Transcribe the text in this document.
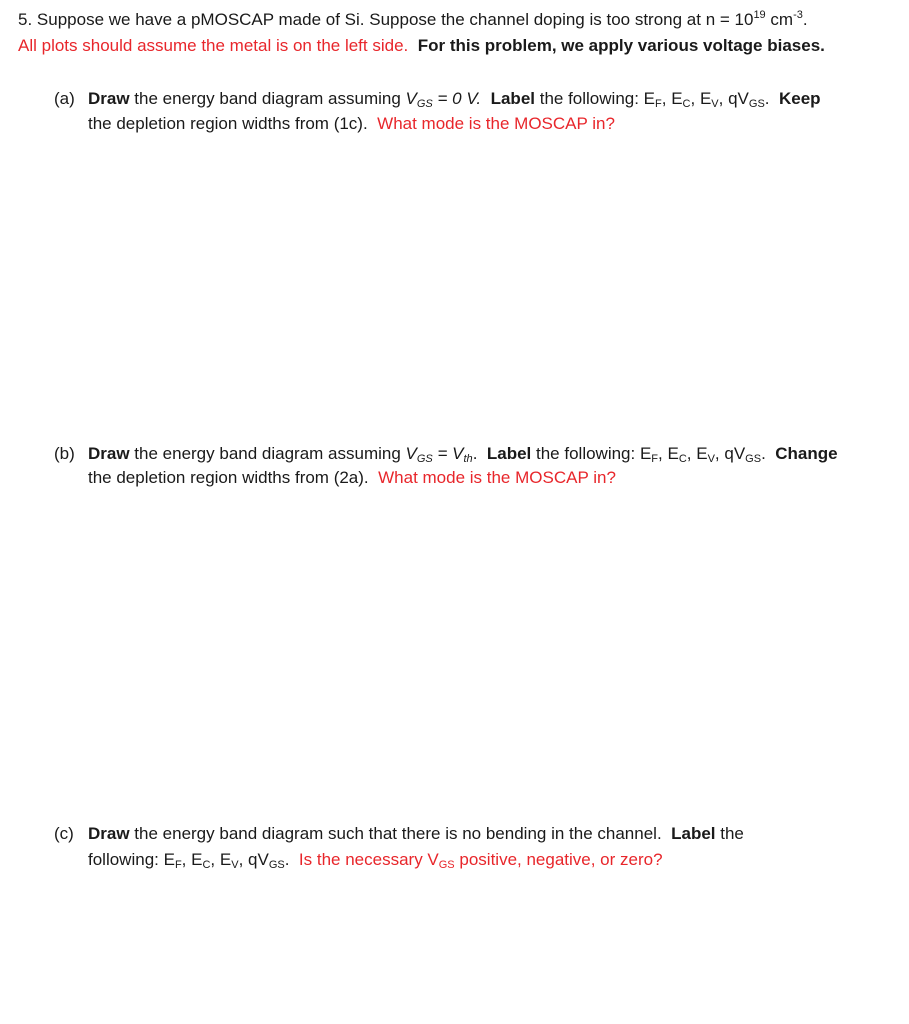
5. Suppose we have a pMOSCAP made of Si. Suppose the channel doping is too strong at $n = 10^{19}$ $cm^{-3}$.
All plots should assume the metal is on the left side. For this problem, we apply various voltage biases.
(a) Draw the energy band diagram assuming $V_{GS} = 0$ V. Label the following: $E_F$, $E_C$, $E_V$, $qV_{GS}$. Keep
the depletion region widths from (1c). What mode is the MOSCAP in?
(b) Draw the energy band diagram assuming $V_{GS} = V_{th}$. Label the following: $E_F$, $E_C$, $E_V$, $qV_{GS}$. Change
the depletion region widths from (2a). What mode is the MOSCAP in?
(c) Draw the energy band diagram such that there is no bending in the channel. Label the
following: $E_F$, $E_C$, $E_V$, $qV_{GS}$. Is the necessary $V_{GS}$ positive, negative, or zero?
